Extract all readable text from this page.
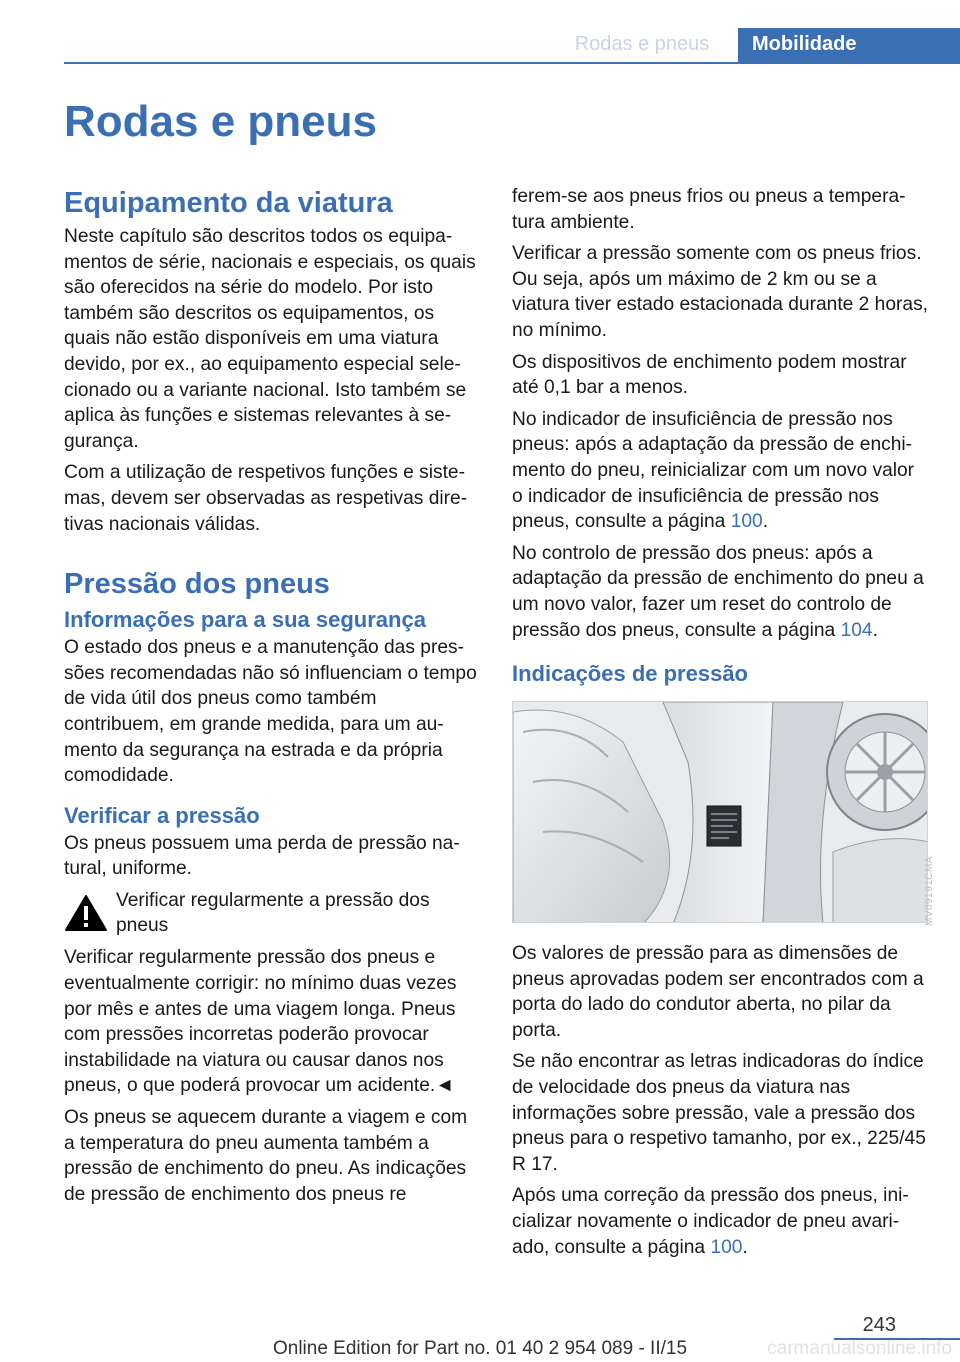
Rodas e pneus	Mobilidade
Rodas e pneus
Equipamento da viatura

Neste capítulo são descritos todos os equipamentos de série, nacionais e especiais, os quais são oferecidos na série do modelo. Por isto também são descritos os equipamentos, os quais não estão disponíveis em uma viatura devido, por ex., ao equipamento especial selecionado ou a variante nacional. Isto também se aplica às funções e sistemas relevantes à segurança.

Com a utilização de respetivos funções e sistemas, devem ser observadas as respetivas diretivas nacionais válidas.

Pressão dos pneus
Informações para a sua segurança

O estado dos pneus e a manutenção das pressões recomendadas não só influenciam o tempo de vida útil dos pneus como também contribuem, em grande medida, para um aumento da segurança na estrada e da própria comodidade.

Verificar a pressão

Os pneus possuem uma perda de pressão natural, uniforme.

Verificar regularmente a pressão dos pneus

Verificar regularmente pressão dos pneus e eventualmente corrigir: no mínimo duas vezes por mês e antes de uma viagem longa. Pneus com pressões incorretas poderão provocar instabilidade na viatura ou causar danos nos pneus, o que poderá provocar um acidente.◄

Os pneus se aquecem durante a viagem e com a temperatura do pneu aumenta também a pressão de enchimento do pneu. As indicações de pressão de enchimento dos pneus re

ferem-se aos pneus frios ou pneus a temperatura ambiente.

Verificar a pressão somente com os pneus frios. Ou seja, após um máximo de 2 km ou se a viatura tiver estado estacionada durante 2 horas, no mínimo.

Os dispositivos de enchimento podem mostrar até 0,1 bar a menos.

No indicador de insuficiência de pressão nos pneus: após a adaptação da pressão de enchimento do pneu, reinicializar com um novo valor o indicador de insuficiência de pressão nos pneus, consulte a página 100.

No controlo de pressão dos pneus: após a adaptação da pressão de enchimento do pneu a um novo valor, fazer um reset do controlo de pressão dos pneus, consulte a página 104.

Indicações de pressão

Os valores de pressão para as dimensões de pneus aprovadas podem ser encontrados com a porta do lado do condutor aberta, no pilar da porta.

Se não encontrar as letras indicadoras do índice de velocidade dos pneus da viatura nas informações sobre pressão, vale a pressão dos pneus para o respetivo tamanho, por ex., 225/45 R 17.

Após uma correção da pressão dos pneus, inicializar novamente o indicador de pneu avariado, consulte a página 100.

MV09191CMA
243
Online Edition for Part no. 01 40 2 954 089 - II/15	carmanualsonline.info
